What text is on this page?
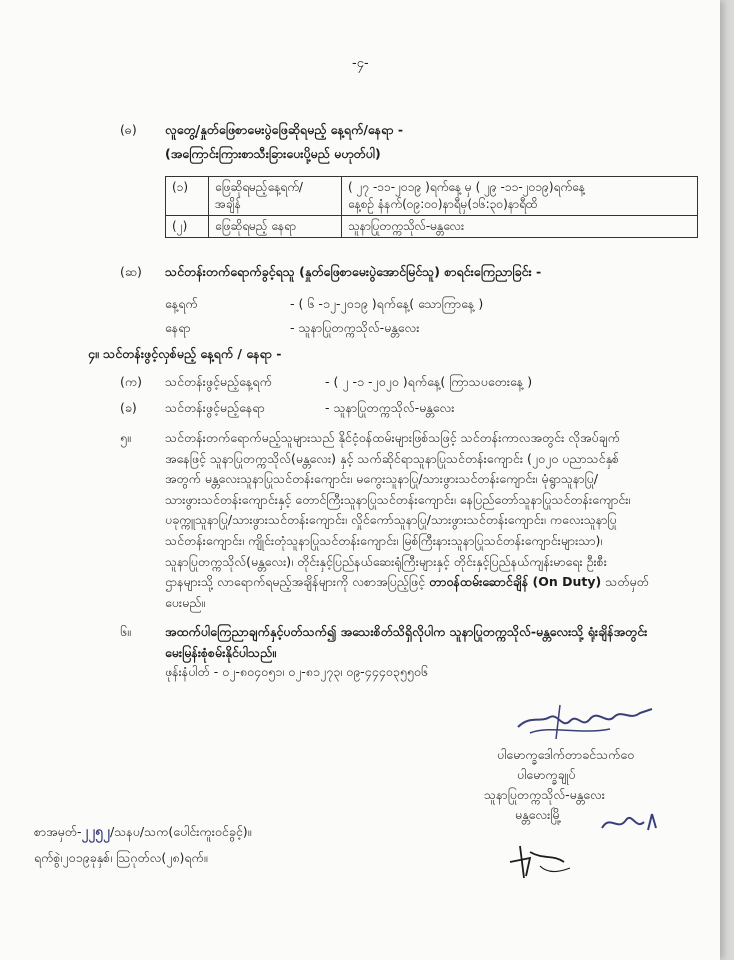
-၄-
(ဓ) လူတွေ့/နှုတ်ဖြေစာမေးပွဲဖြေဆိုရမည့် နေ့ရက်/နေရာ -
(အကြောင်းကြားစာသီးခြားပေးပို့မည် မဟုတ်ပါ)
(၁)	ဖြေဆိုရမည့်နေ့ရက်/
အချိန်	( ၂၇ -၁၁-၂၀၁၉ )ရက်နေ့ မှ ( ၂၉ -၁၁-၂၀၁၉)ရက်နေ့
နေ့စဉ် နံနက်(၀၉:၀၀)နာရီမှ(၁၆:၃၀)နာရီထိ

(၂)	ဖြေဆိုရမည့် နေရာ	သူနာပြုတက္ကသိုလ်-မန္တလေး
(ဆ) သင်တန်းတက်ရောက်ခွင့်ရသူ (နှုတ်ဖြေစာမေးပွဲအောင်မြင်သူ) စာရင်းကြေညာခြင်း -
နေ့ရက်	- ( ၆ -၁၂-၂၀၁၉ )ရက်နေ့( သောကြာနေ့ )
နေရာ	- သူနာပြုတက္ကသိုလ်-မန္တလေး
၄။ သင်တန်းဖွင့်လှစ်မည့် နေ့ရက် / နေရာ -
(က) သင်တန်းဖွင့်မည့်နေ့ရက်	- ( ၂ -၁ -၂၀၂၀ )ရက်နေ့( ကြာသပတေးနေ့ )
(ခ) သင်တန်းဖွင့်မည့်နေရာ	- သူနာပြုတက္ကသိုလ်-မန္တလေး
၅။	သင်တန်းတက်ရောက်မည့်သူများသည် နိုင်ငံ့ဝန်ထမ်းများဖြစ်သဖြင့် သင်တန်းကာလအတွင်း လိုအပ်ချက်
အနေဖြင့် သူနာပြုတက္ကသိုလ်(မန္တလေး) နှင့် သက်ဆိုင်ရာသူနာပြုသင်တန်းကျောင်း (၂၀၂၀ ပညာသင်နှစ်
အတွက် မန္တလေးသူနာပြုသင်တန်းကျောင်း၊ မကွေးသူနာပြု/သားဖွားသင်တန်းကျောင်း၊ မုံရွာသူနာပြု/
သားဖွားသင်တန်းကျောင်းနှင့် တောင်ကြီးသူနာပြုသင်တန်းကျောင်း၊ နေပြည်တော်သူနာပြုသင်တန်းကျောင်း၊
ပခုက္ကူသူနာပြု/သားဖွားသင်တန်းကျောင်း၊ လှိုင်ကော်သူနာပြု/သားဖွားသင်တန်းကျောင်း၊ ကလေးသူနာပြု
သင်တန်းကျောင်း၊ ကျိုင်းတုံသူနာပြုသင်တန်းကျောင်း၊ မြစ်ကြီးနားသူနာပြုသင်တန်းကျောင်းများသာ)၊
သူနာပြုတက္ကသိုလ်(မန္တလေး)၊ တိုင်းနှင့်ပြည်နယ်ဆေးရုံကြီးများနှင့် တိုင်းနှင့်ပြည်နယ်ကျန်းမာရေး ဦးစီး
ဌာနများသို့ လာရောက်ရမည့်အချိန်များကို လစာအပြည့်ဖြင့် တာဝန်ထမ်းဆောင်ချိန် (On Duty) သတ်မှတ်
ပေးမည်။
၆။	အထက်ပါကြေညာချက်နှင့်ပတ်သက်၍ အသေးစိတ်သိရှိလိုပါက သူနာပြုတက္ကသိုလ်-မန္တလေးသို့ ရုံးချိန်အတွင်း
မေးမြန်းစုံစမ်းနိုင်ပါသည်။
ဖုန်းနံပါတ် - ၀၂-၈၀၄၀၅၁၊ ၀၂-၈၁၂၇၃၊ ၀၉-၄၄၄၀၃၅၅၀၆
ပါမောက္ခဒေါက်တာခင်သက်ဝေ
ပါမောက္ခချုပ်
သူနာပြုတက္ကသိုလ်-မန္တလေး
မန္တလေးမြို့
စာအမှတ်-၂၂၅၂/သနပ/သက(ပေါင်းကူးဝင်ခွင့်)။
ရက်စွဲ၊၂၀၁၉ခုနှစ်၊ ဩဂုတ်လ(၂၈)ရက်။
